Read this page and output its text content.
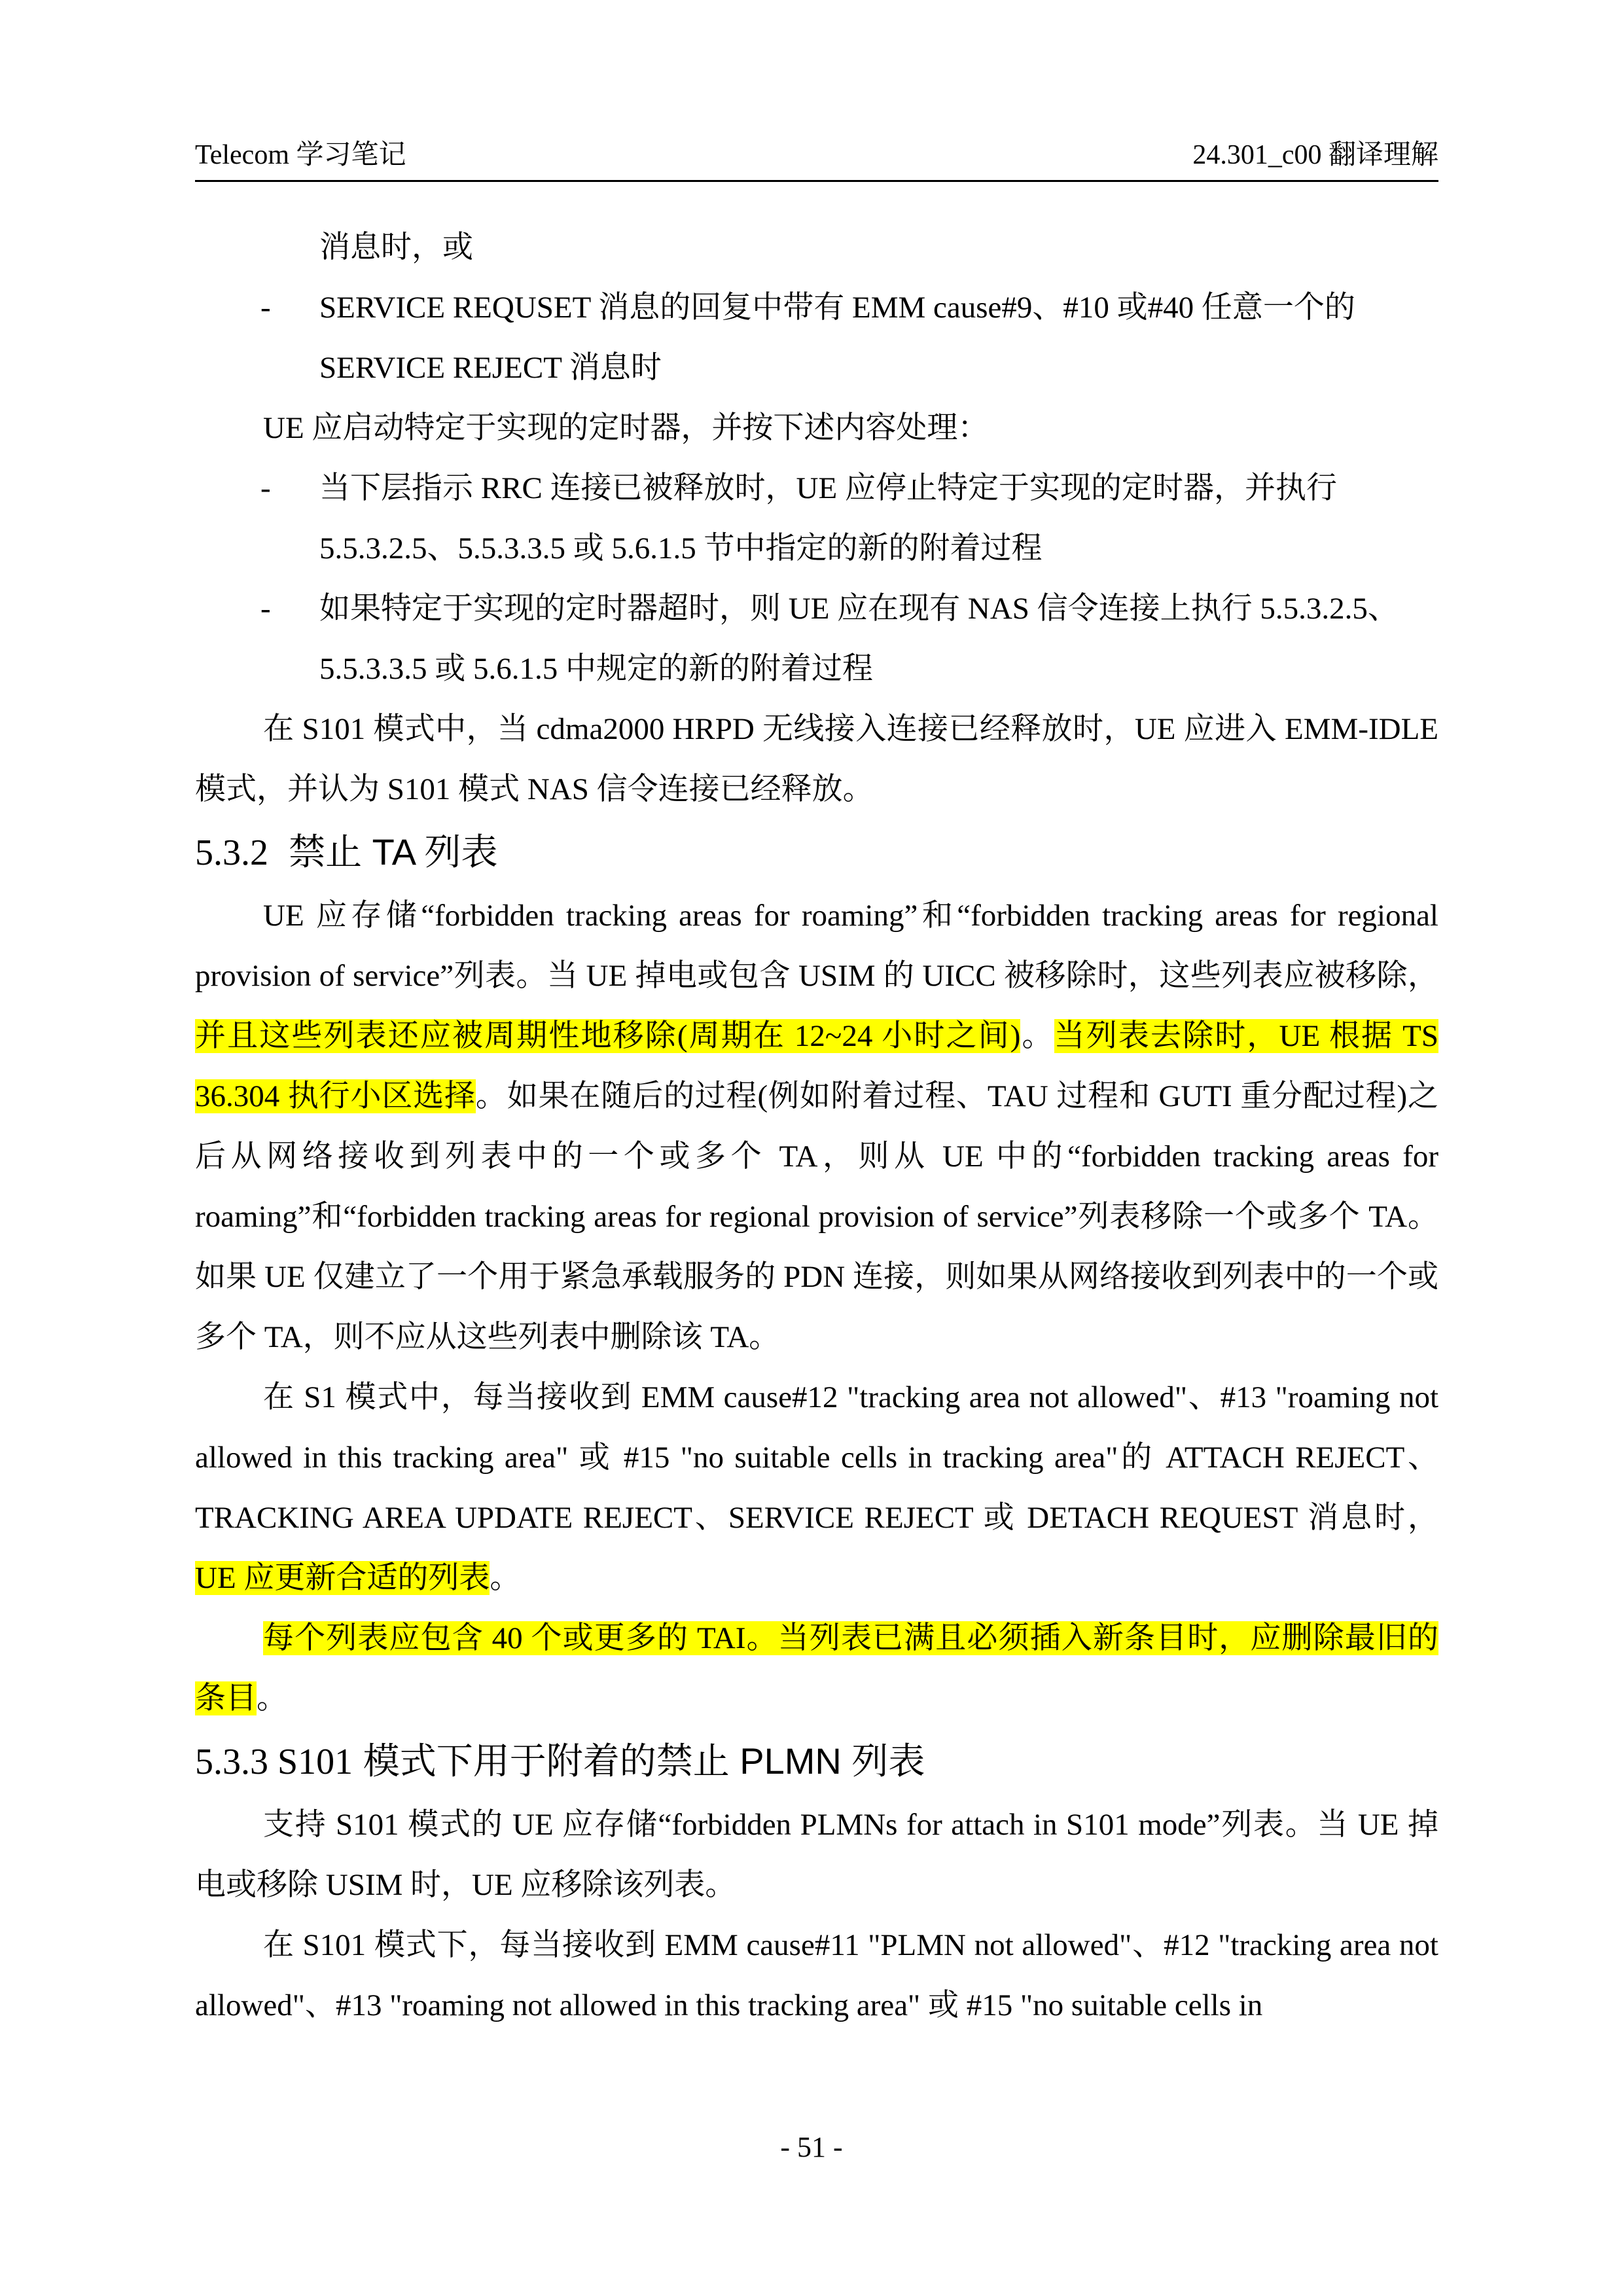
Telecom 学习笔记	24.301_c00 翻译理解

消息时，或

- SERVICE REQUSET 消息的回复中带有 EMM cause#9、#10 或#40 任意一个的
SERVICE REJECT 消息时

UE 应启动特定于实现的定时器，并按下述内容处理：

- 当下层指示 RRC 连接已被释放时，UE 应停止特定于实现的定时器，并执行
5.5.3.2.5、5.5.3.3.5 或 5.6.1.5 节中指定的新的附着过程

- 如果特定于实现的定时器超时，则 UE 应在现有 NAS 信令连接上执行 5.5.3.2.5、
5.5.3.3.5 或 5.6.1.5 中规定的新的附着过程

在 S101 模式中，当 cdma2000 HRPD 无线接入连接已经释放时，UE 应进入 EMM-IDLE 模式，并认为 S101 模式 NAS 信令连接已经释放。

5.3.2 禁止 TA 列表

UE 应存储“forbidden tracking areas for roaming”和“forbidden tracking areas for regional provision of service”列表。当 UE 掉电或包含 USIM 的 UICC 被移除时，这些列表应被移除，并且这些列表还应被周期性地移除(周期在 12~24 小时之间)。当列表去除时，UE 根据 TS 36.304 执行小区选择。如果在随后的过程(例如附着过程、TAU 过程和 GUTI 重分配过程)之后从网络接收到列表中的一个或多个 TA，则从 UE 中的“forbidden tracking areas for roaming”和“forbidden tracking areas for regional provision of service”列表移除一个或多个 TA。如果 UE 仅建立了一个用于紧急承载服务的 PDN 连接，则如果从网络接收到列表中的一个或多个 TA，则不应从这些列表中删除该 TA。

在 S1 模式中，每当接收到 EMM cause#12 "tracking area not allowed"、#13 "roaming not allowed in this tracking area" 或 #15 "no suitable cells in tracking area"的 ATTACH REJECT、TRACKING AREA UPDATE REJECT、SERVICE REJECT 或 DETACH REQUEST 消息时，UE 应更新合适的列表。

每个列表应包含 40 个或更多的 TAI。当列表已满且必须插入新条目时，应删除最旧的条目。

5.3.3 S101 模式下用于附着的禁止 PLMN 列表

支持 S101 模式的 UE 应存储“forbidden PLMNs for attach in S101 mode”列表。当 UE 掉电或移除 USIM 时，UE 应移除该列表。

在 S101 模式下，每当接收到 EMM cause#11 "PLMN not allowed"、#12 "tracking area not allowed"、#13 "roaming not allowed in this tracking area" 或 #15 "no suitable cells in

- 51 -
